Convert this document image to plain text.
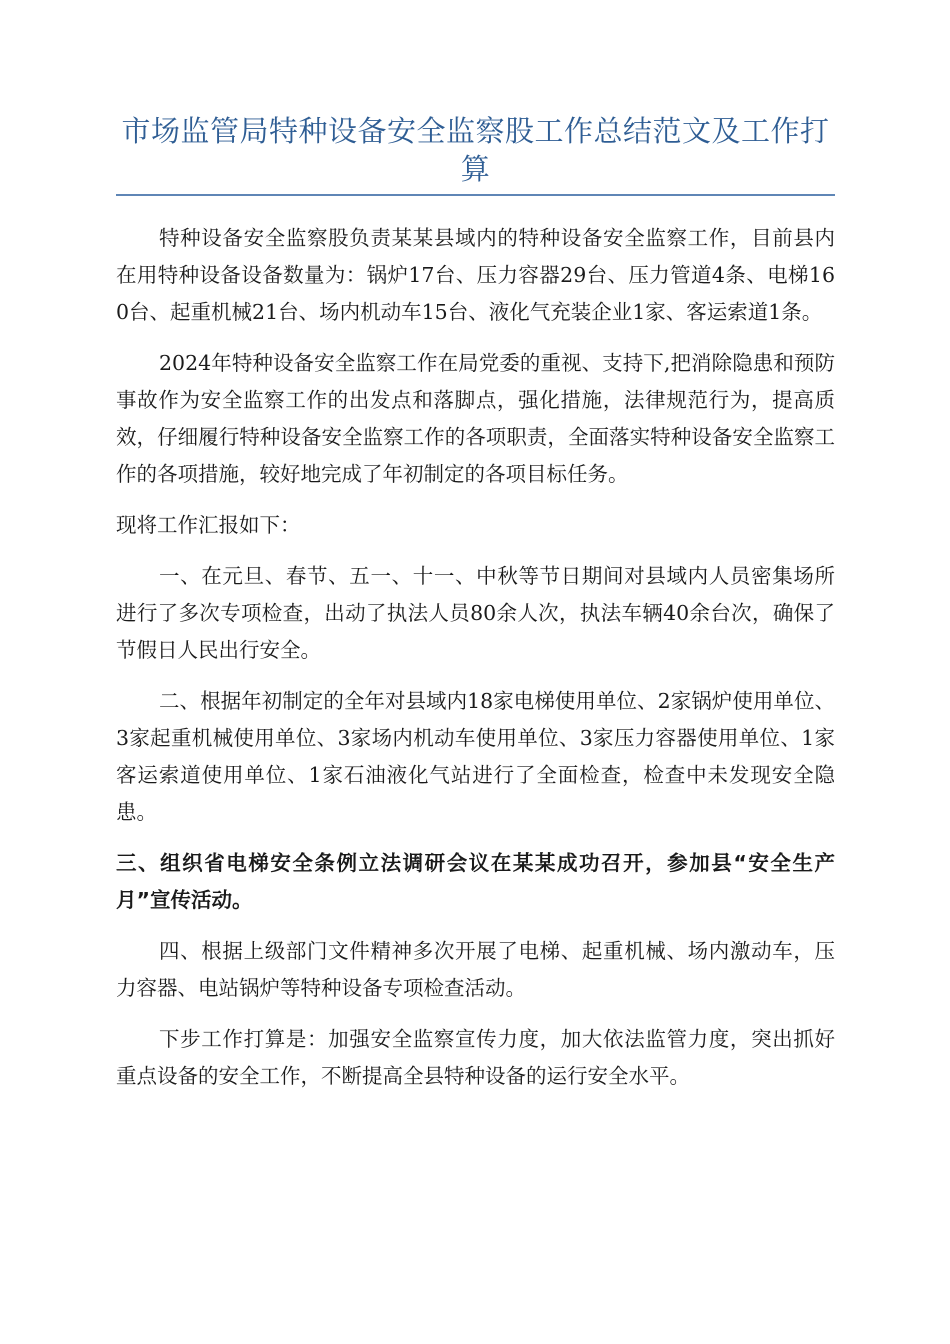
市场监管局特种设备安全监察股工作总结范文及工作打算

特种设备安全监察股负责某某县域内的特种设备安全监察工作，目前县内在用特种设备设备数量为：锅炉17台、压力容器29台、压力管道4条、电梯160台、起重机械21台、场内机动车15台、液化气充装企业1家、客运索道1条。

2024年特种设备安全监察工作在局党委的重视、支持下,把消除隐患和预防事故作为安全监察工作的出发点和落脚点，强化措施，法律规范行为，提高质效，仔细履行特种设备安全监察工作的各项职责，全面落实特种设备安全监察工作的各项措施，较好地完成了年初制定的各项目标任务。

现将工作汇报如下：

一、在元旦、春节、五一、十一、中秋等节日期间对县域内人员密集场所进行了多次专项检查，出动了执法人员80余人次，执法车辆40余台次，确保了节假日人民出行安全。

二、根据年初制定的全年对县域内18家电梯使用单位、2家锅炉使用单位、3家起重机械使用单位、3家场内机动车使用单位、3家压力容器使用单位、1家客运索道使用单位、1家石油液化气站进行了全面检查，检查中未发现安全隐患。

三、组织省电梯安全条例立法调研会议在某某成功召开，参加县“安全生产月”宣传活动。

四、根据上级部门文件精神多次开展了电梯、起重机械、场内激动车，压力容器、电站锅炉等特种设备专项检查活动。

下步工作打算是：加强安全监察宣传力度，加大依法监管力度，突出抓好重点设备的安全工作，不断提高全县特种设备的运行安全水平。
